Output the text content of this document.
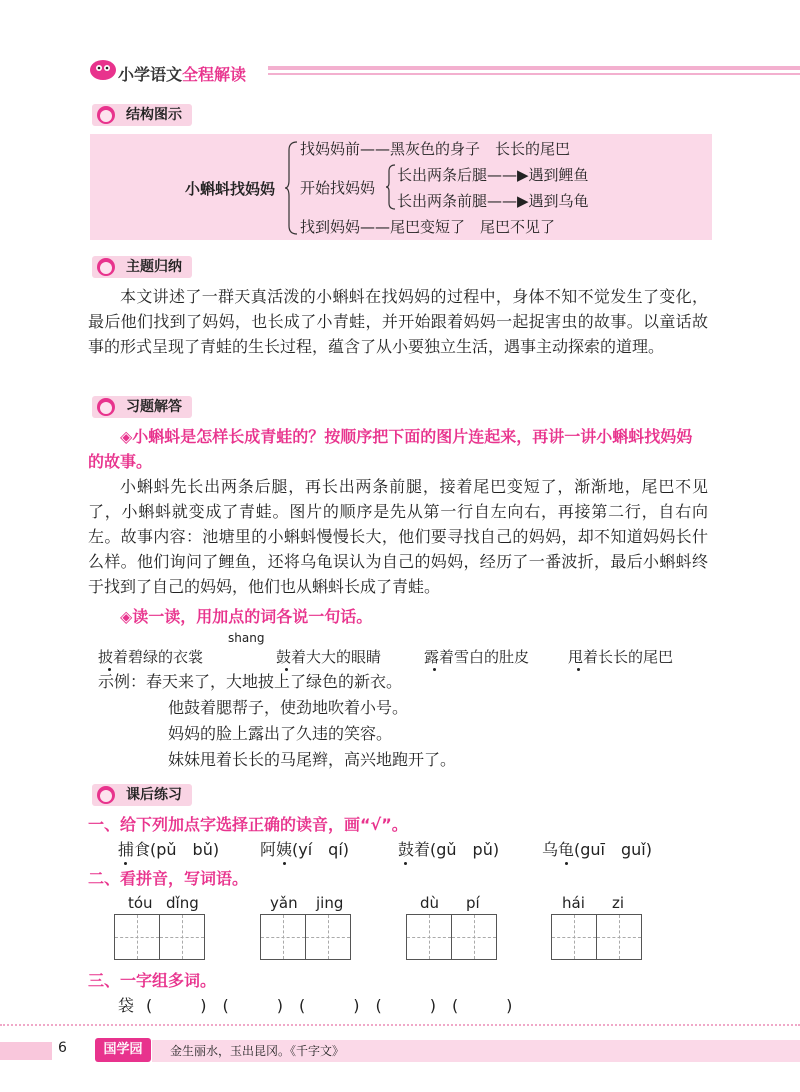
小学语文全程解读
结构图示
小蝌蚪找妈妈
找妈妈前——黑灰色的身子　长长的尾巴
开始找妈妈
长出两条后腿——▶遇到鲤鱼
长出两条前腿——▶遇到乌龟
找到妈妈——尾巴变短了　尾巴不见了
主题归纳

本文讲述了一群天真活泼的小蝌蚪在找妈妈的过程中，身体不知不觉发生了变化，最后他们找到了妈妈，也长成了小青蛙，并开始跟着妈妈一起捉害虫的故事。以童话故事的形式呈现了青蛙的生长过程，蕴含了从小要独立生活，遇事主动探索的道理。

习题解答
◈小蝌蚪是怎样长成青蛙的？按顺序把下面的图片连起来，再讲一讲小蝌蚪找妈妈的故事。

小蝌蚪先长出两条后腿，再长出两条前腿，接着尾巴变短了，渐渐地，尾巴不见了，小蝌蚪就变成了青蛙。图片的顺序是先从第一行自左向右，再接第二行，自右向左。故事内容：池塘里的小蝌蚪慢慢长大，他们要寻找自己的妈妈，却不知道妈妈长什么样。他们询问了鲤鱼，还将乌龟误认为自己的妈妈，经历了一番波折，最后小蝌蚪终于找到了自己的妈妈，他们也从蝌蚪长成了青蛙。

◈读一读，用加点的词各说一句话。
shang
披着碧绿的衣裳	鼓着大大的眼睛	露着雪白的肚皮	甩着长长的尾巴
示例：春天来了，大地披上了绿色的新衣。
他鼓着腮帮子，使劲地吹着小号。
妈妈的脸上露出了久违的笑容。
妹妹甩着长长的马尾辫，高兴地跑开了。
课后练习
一、给下列加点字选择正确的读音，画“√”。
捕食(pǔ　bǔ)	阿姨(yí　qí)	鼓着(gǔ　pǔ)	乌龟(guī　guǐ)
二、看拼音，写词语。
tóu dǐng	yǎn jing	dù pí	hái zi
三、一字组多词。
袋 (　　　)　(　　　)　(　　　)　(　　　)　(　　　)
6	国学园	金生丽水，玉出昆冈。《千字文》
